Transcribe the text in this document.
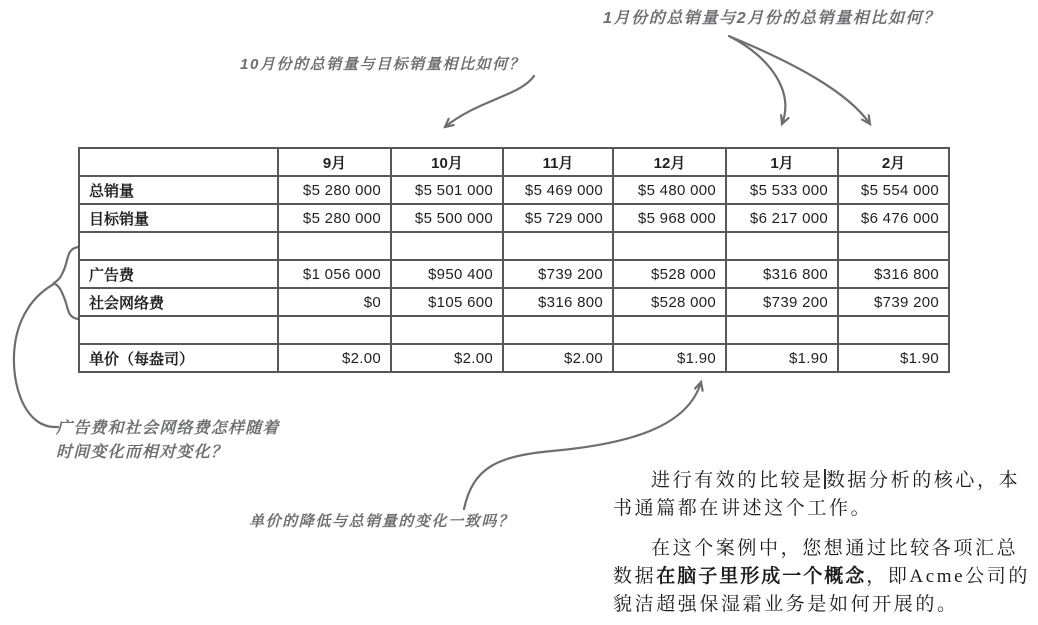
10月份的总销量与目标销量相比如何？
1月份的总销量与2月份的总销量相比如何？
	9月	10月	11月	12月	1月	2月
总销量	$5 280 000	$5 501 000	$5 469 000	$5 480 000	$5 533 000	$5 554 000
目标销量	$5 280 000	$5 500 000	$5 729 000	$5 968 000	$6 217 000	$6 476 000

广告费	$1 056 000	$950 400	$739 200	$528 000	$316 800	$316 800
社会网络费	$0	$105 600	$316 800	$528 000	$739 200	$739 200

单价（每盎司）	$2.00	$2.00	$2.00	$1.90	$1.90	$1.90
广告费和社会网络费怎样随着
时间变化而相对变化？
单价的降低与总销量的变化一致吗？
进行有效的比较是 数据分析的核心，本
书通篇都在讲述这个工作。
在这个案例中，您想通过比较各项汇总
数据在脑子里形成一个概念，即Acme公司的
貌洁超强保湿霜业务是如何开展的。
